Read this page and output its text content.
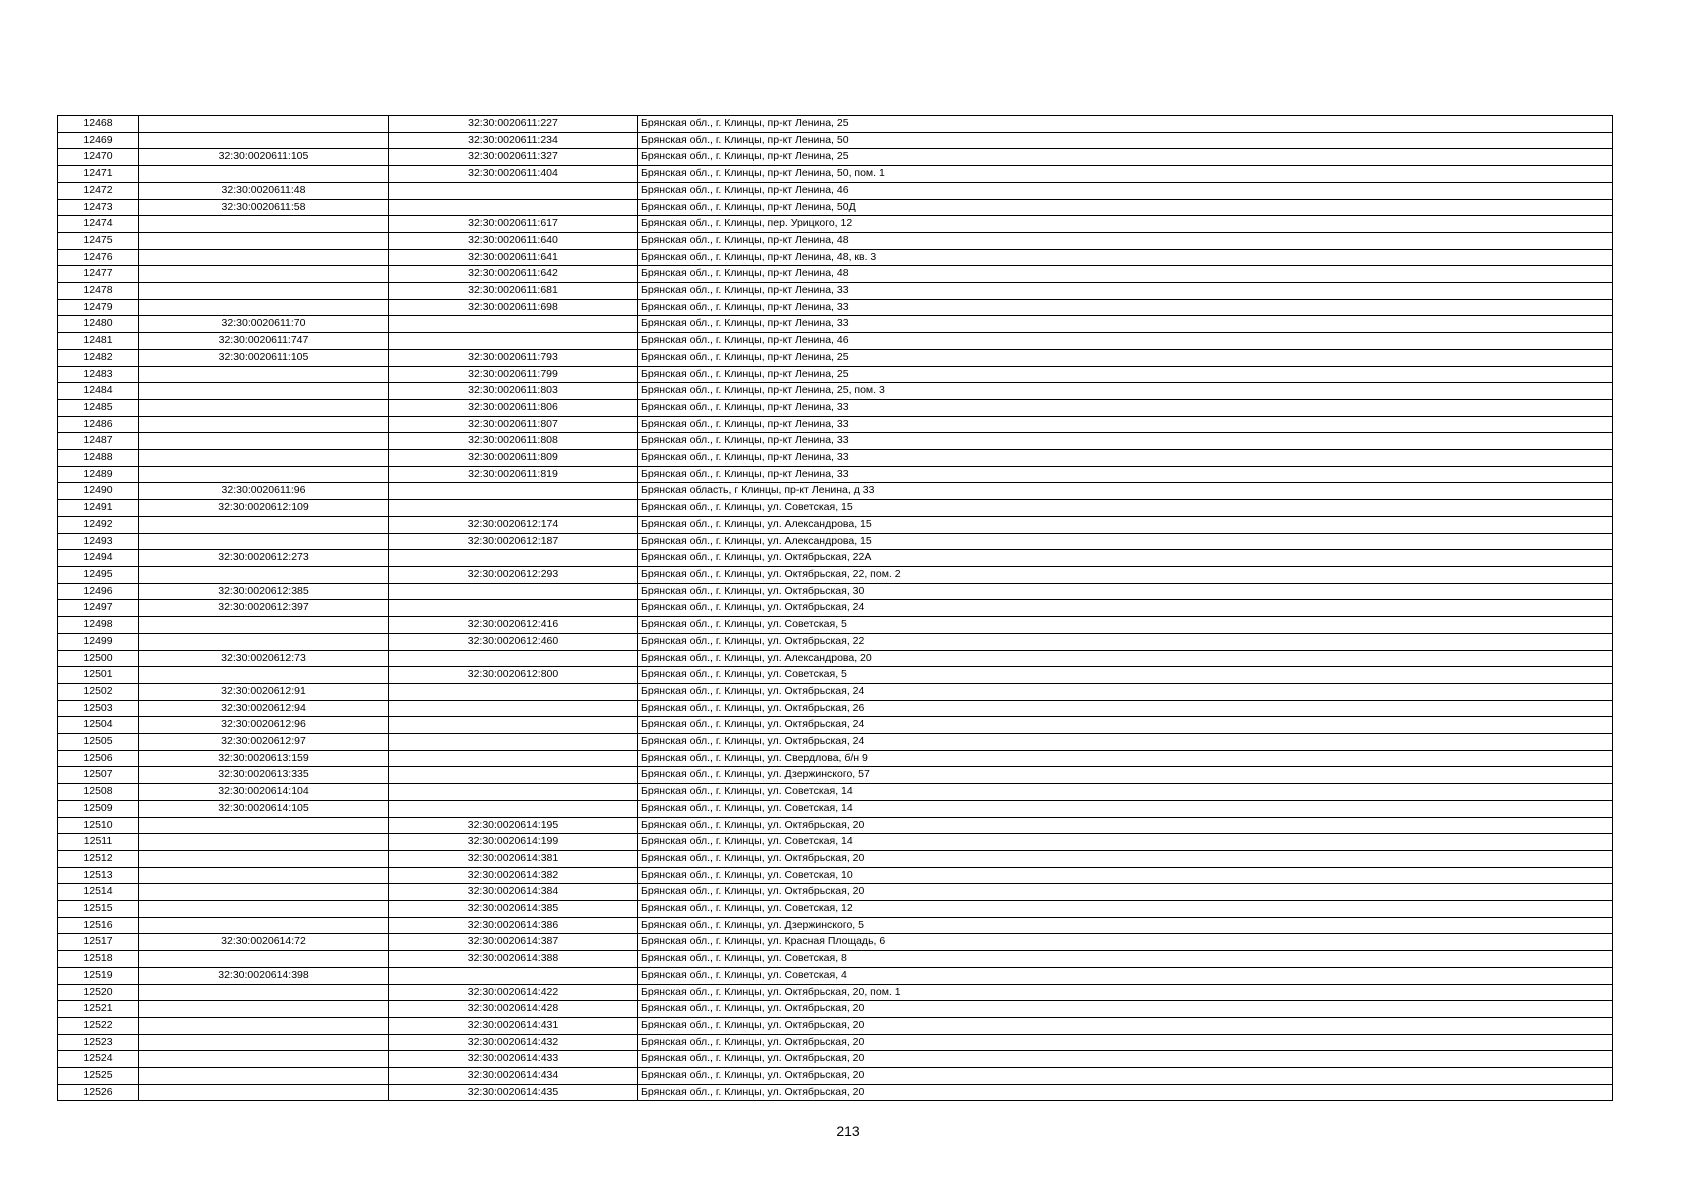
12468		32:30:0020611:227	Брянская обл., г. Клинцы, пр-кт Ленина, 25
12469		32:30:0020611:234	Брянская обл., г. Клинцы, пр-кт Ленина, 50
12470	32:30:0020611:105	32:30:0020611:327	Брянская обл., г. Клинцы, пр-кт Ленина, 25
12471		32:30:0020611:404	Брянская обл., г. Клинцы, пр-кт Ленина, 50, пом. 1
12472	32:30:0020611:48		Брянская обл., г. Клинцы, пр-кт Ленина, 46
12473	32:30:0020611:58		Брянская обл., г. Клинцы, пр-кт Ленина, 50Д
12474		32:30:0020611:617	Брянская обл., г. Клинцы, пер. Урицкого, 12
12475		32:30:0020611:640	Брянская обл., г. Клинцы, пр-кт Ленина, 48
12476		32:30:0020611:641	Брянская обл., г. Клинцы, пр-кт Ленина, 48, кв. 3
12477		32:30:0020611:642	Брянская обл., г. Клинцы, пр-кт Ленина, 48
12478		32:30:0020611:681	Брянская обл., г. Клинцы, пр-кт Ленина, 33
12479		32:30:0020611:698	Брянская обл., г. Клинцы, пр-кт Ленина, 33
12480	32:30:0020611:70		Брянская обл., г. Клинцы, пр-кт Ленина, 33
12481	32:30:0020611:747		Брянская обл., г. Клинцы, пр-кт Ленина, 46
12482	32:30:0020611:105	32:30:0020611:793	Брянская обл., г. Клинцы, пр-кт Ленина, 25
12483		32:30:0020611:799	Брянская обл., г. Клинцы, пр-кт Ленина, 25
12484		32:30:0020611:803	Брянская обл., г. Клинцы, пр-кт Ленина, 25, пом. 3
12485		32:30:0020611:806	Брянская обл., г. Клинцы, пр-кт Ленина, 33
12486		32:30:0020611:807	Брянская обл., г. Клинцы, пр-кт Ленина, 33
12487		32:30:0020611:808	Брянская обл., г. Клинцы, пр-кт Ленина, 33
12488		32:30:0020611:809	Брянская обл., г. Клинцы, пр-кт Ленина, 33
12489		32:30:0020611:819	Брянская обл., г. Клинцы, пр-кт Ленина, 33
12490	32:30:0020611:96		Брянская область, г Клинцы, пр-кт Ленина, д 33
12491	32:30:0020612:109		Брянская обл., г. Клинцы, ул. Советская, 15
12492		32:30:0020612:174	Брянская обл., г. Клинцы, ул. Александрова, 15
12493		32:30:0020612:187	Брянская обл., г. Клинцы, ул. Александрова, 15
12494	32:30:0020612:273		Брянская обл., г. Клинцы, ул. Октябрьская, 22А
12495		32:30:0020612:293	Брянская обл., г. Клинцы, ул. Октябрьская, 22, пом. 2
12496	32:30:0020612:385		Брянская обл., г. Клинцы, ул. Октябрьская, 30
12497	32:30:0020612:397		Брянская обл., г. Клинцы, ул. Октябрьская, 24
12498		32:30:0020612:416	Брянская обл., г. Клинцы, ул. Советская, 5
12499		32:30:0020612:460	Брянская обл., г. Клинцы, ул. Октябрьская, 22
12500	32:30:0020612:73		Брянская обл., г. Клинцы, ул. Александрова, 20
12501		32:30:0020612:800	Брянская обл., г. Клинцы, ул. Советская, 5
12502	32:30:0020612:91		Брянская обл., г. Клинцы, ул. Октябрьская, 24
12503	32:30:0020612:94		Брянская обл., г. Клинцы, ул. Октябрьская, 26
12504	32:30:0020612:96		Брянская обл., г. Клинцы, ул. Октябрьская, 24
12505	32:30:0020612:97		Брянская обл., г. Клинцы, ул. Октябрьская, 24
12506	32:30:0020613:159		Брянская обл., г. Клинцы, ул. Свердлова, б/н 9
12507	32:30:0020613:335		Брянская обл., г. Клинцы, ул. Дзержинского, 57
12508	32:30:0020614:104		Брянская обл., г. Клинцы, ул. Советская, 14
12509	32:30:0020614:105		Брянская обл., г. Клинцы, ул. Советская, 14
12510		32:30:0020614:195	Брянская обл., г. Клинцы, ул. Октябрьская, 20
12511		32:30:0020614:199	Брянская обл., г. Клинцы, ул. Советская, 14
12512		32:30:0020614:381	Брянская обл., г. Клинцы, ул. Октябрьская, 20
12513		32:30:0020614:382	Брянская обл., г. Клинцы, ул. Советская, 10
12514		32:30:0020614:384	Брянская обл., г. Клинцы, ул. Октябрьская, 20
12515		32:30:0020614:385	Брянская обл., г. Клинцы, ул. Советская, 12
12516		32:30:0020614:386	Брянская обл., г. Клинцы, ул. Дзержинского, 5
12517	32:30:0020614:72	32:30:0020614:387	Брянская обл., г. Клинцы, ул. Красная Площадь, 6
12518		32:30:0020614:388	Брянская обл., г. Клинцы, ул. Советская, 8
12519	32:30:0020614:398		Брянская обл., г. Клинцы, ул. Советская, 4
12520		32:30:0020614:422	Брянская обл., г. Клинцы, ул. Октябрьская, 20, пом. 1
12521		32:30:0020614:428	Брянская обл., г. Клинцы, ул. Октябрьская, 20
12522		32:30:0020614:431	Брянская обл., г. Клинцы, ул. Октябрьская, 20
12523		32:30:0020614:432	Брянская обл., г. Клинцы, ул. Октябрьская, 20
12524		32:30:0020614:433	Брянская обл., г. Клинцы, ул. Октябрьская, 20
12525		32:30:0020614:434	Брянская обл., г. Клинцы, ул. Октябрьская, 20
12526		32:30:0020614:435	Брянская обл., г. Клинцы, ул. Октябрьская, 20
213
